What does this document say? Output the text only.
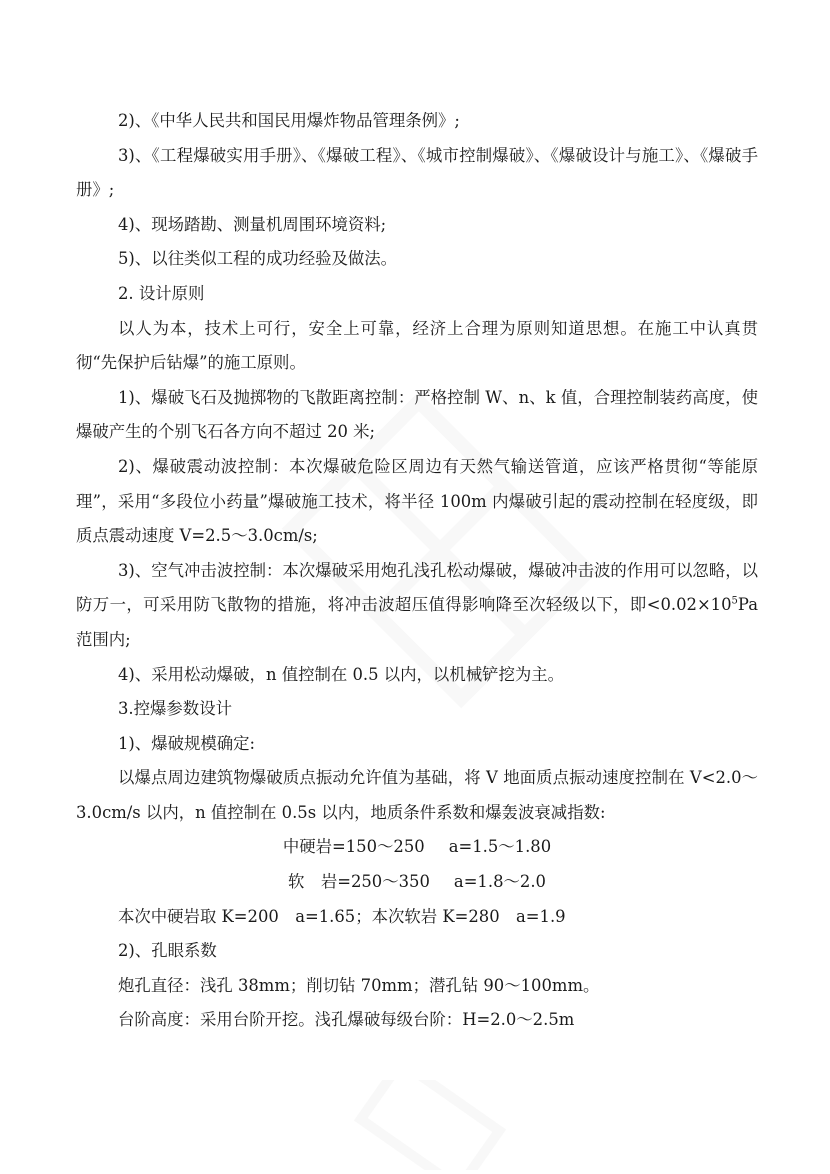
2)、《中华人民共和国民用爆炸物品管理条例》;

3)、《工程爆破实用手册》、《爆破工程》、《城市控制爆破》、《爆破设计与施工》、《爆破手册》;

4)、现场踏勘、测量机周围环境资料;

5)、以往类似工程的成功经验及做法。

2. 设计原则

以人为本，技术上可行，安全上可靠，经济上合理为原则知道思想。在施工中认真贯彻“先保护后钻爆”的施工原则。

1)、爆破飞石及抛掷物的飞散距离控制：严格控制 W、n、k 值，合理控制装药高度，使爆破产生的个别飞石各方向不超过 20 米;

2)、爆破震动波控制：本次爆破危险区周边有天然气输送管道，应该严格贯彻“等能原理”，采用“多段位小药量”爆破施工技术，将半径 100m 内爆破引起的震动控制在轻度级，即质点震动速度 V=2.5～3.0cm/s;

3)、空气冲击波控制：本次爆破采用炮孔浅孔松动爆破，爆破冲击波的作用可以忽略，以防万一，可采用防飞散物的措施，将冲击波超压值得影响降至次轻级以下，即$<0.02\times 10^5Pa$ 范围内;

4)、采用松动爆破，n 值控制在 0.5 以内，以机械铲挖为主。

3.控爆参数设计

1)、爆破规模确定:

以爆点周边建筑物爆破质点振动允许值为基础，将 V 地面质点振动速度控制在 V<2.0～3.0cm/s 以内，n 值控制在 0.5s 以内，地质条件系数和爆轰波衰减指数:

中硬岩=150～250 a=1.5～1.80

软　岩=250～350 a=1.8～2.0

本次中硬岩取 K=200　a=1.65；本次软岩 K=280　a=1.9

2)、孔眼系数

炮孔直径：浅孔 38mm；削切钻 70mm；潜孔钻 90～100mm。

台阶高度：采用台阶开挖。浅孔爆破每级台阶：H=2.0～2.5m
